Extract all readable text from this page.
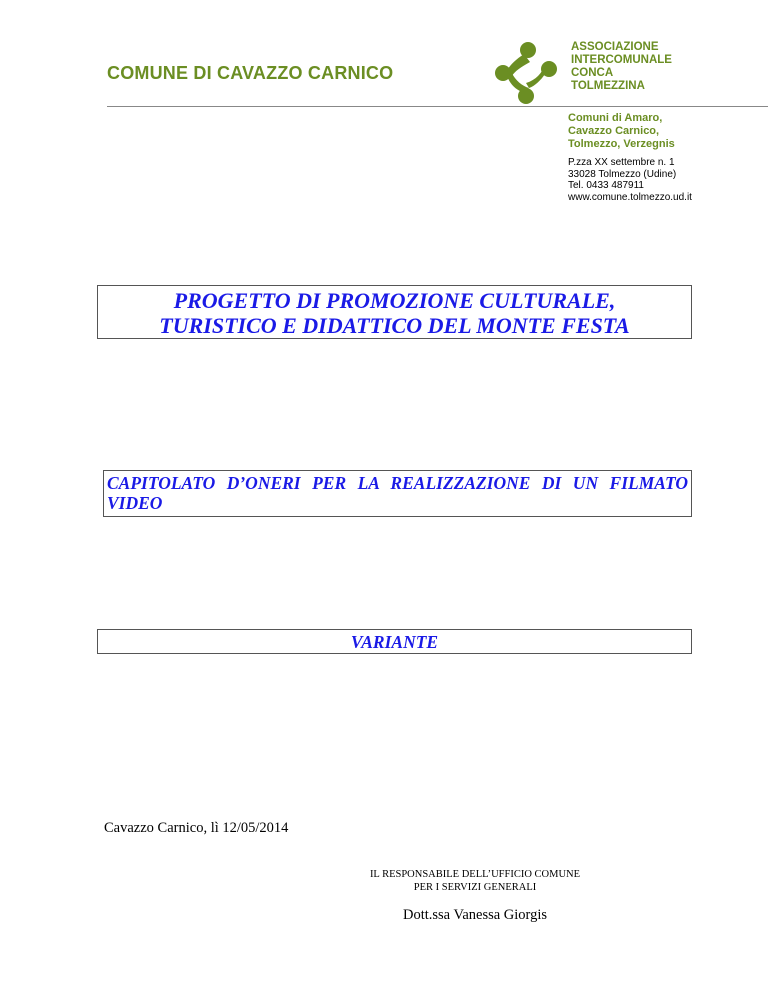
COMUNE DI CAVAZZO CARNICO

ASSOCIAZIONE
INTERCOMUNALE
CONCA
TOLMEZZINA

Comuni di Amaro,
Cavazzo Carnico,
Tolmezzo, Verzegnis

P.zza XX settembre n. 1
33028 Tolmezzo (Udine)
Tel. 0433 487911
www.comune.tolmezzo.ud.it

PROGETTO DI PROMOZIONE CULTURALE,
TURISTICO E DIDATTICO DEL MONTE FESTA
CAPITOLATO D’ONERI PER LA REALIZZAZIONE DI UN FILMATO VIDEO
VARIANTE

Cavazzo Carnico, lì 12/05/2014

IL RESPONSABILE DELL’UFFICIO COMUNE
PER I SERVIZI GENERALI

Dott.ssa Vanessa Giorgis
